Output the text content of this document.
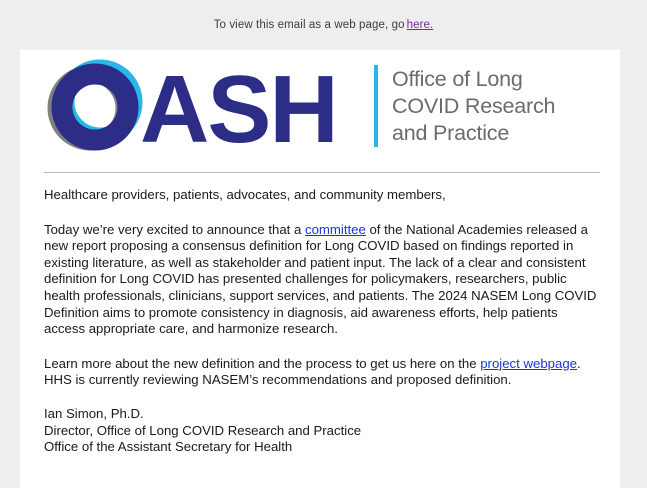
To view this email as a web page, go here.
ASH	Office of Long
COVID Research
and Practice

Healthcare providers, patients, advocates, and community members,

Today we’re very excited to announce that a committee of the National Academies released a new report proposing a consensus definition for Long COVID based on findings reported in existing literature, as well as stakeholder and patient input. The lack of a clear and consistent definition for Long COVID has presented challenges for policymakers, researchers, public health professionals, clinicians, support services, and patients. The 2024 NASEM Long COVID Definition aims to promote consistency in diagnosis, aid awareness efforts, help patients access appropriate care, and harmonize research.

Learn more about the new definition and the process to get us here on the project webpage. HHS is currently reviewing NASEM’s recommendations and proposed definition.

Ian Simon, Ph.D.
Director, Office of Long COVID Research and Practice
Office of the Assistant Secretary for Health
